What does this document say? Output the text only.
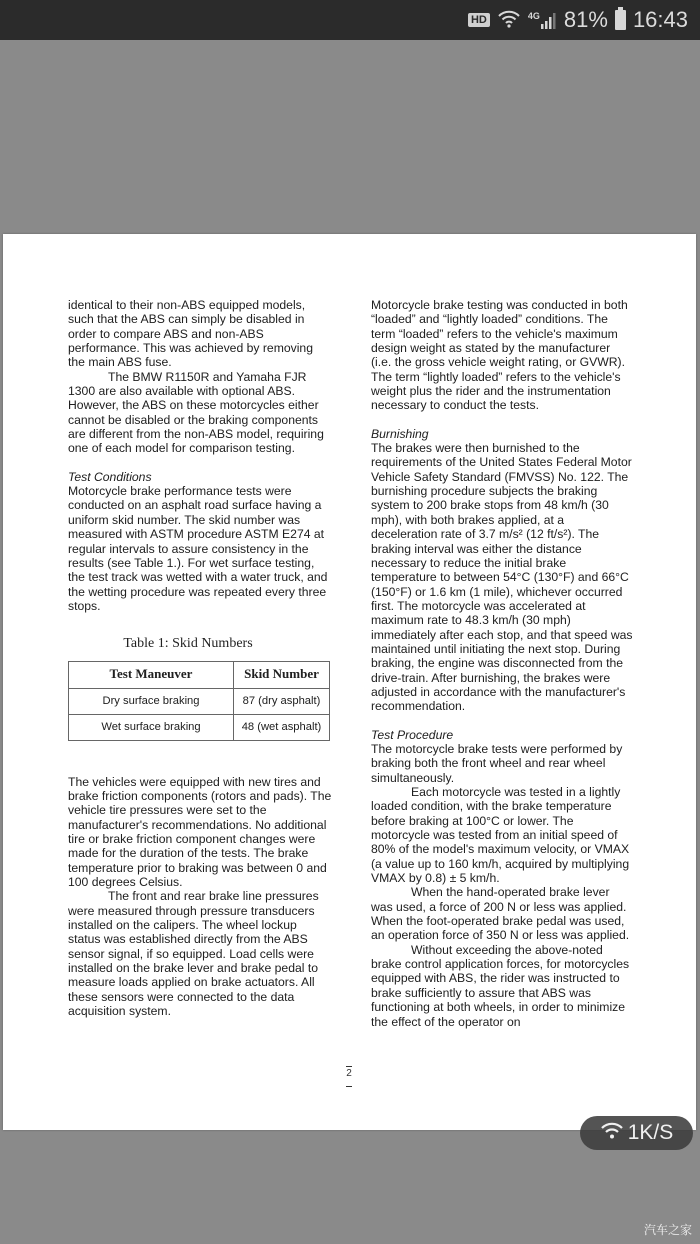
HD	4G 81% 16:43

identical to their non-ABS equipped models, such that the ABS can simply be disabled in order to compare ABS and non-ABS performance. This was achieved by removing the main ABS fuse.

The BMW R1150R and Yamaha FJR 1300 are also available with optional ABS. However, the ABS on these motorcycles either cannot be disabled or the braking components are different from the non-ABS model, requiring one of each model for comparison testing.

Test Conditions

Motorcycle brake performance tests were conducted on an asphalt road surface having a uniform skid number. The skid number was measured with ASTM procedure ASTM E274 at regular intervals to assure consistency in the results (see Table 1.). For wet surface testing, the test track was wetted with a water truck, and the wetting procedure was repeated every three stops.

Table 1: Skid Numbers
Test Maneuver	Skid Number
Dry surface braking	87 (dry asphalt)
Wet surface braking	48 (wet asphalt)

The vehicles were equipped with new tires and brake friction components (rotors and pads). The vehicle tire pressures were set to the manufacturer's recommendations. No additional tire or brake friction component changes were made for the duration of the tests. The brake temperature prior to braking was between 0 and 100 degrees Celsius.

The front and rear brake line pressures were measured through pressure transducers installed on the calipers. The wheel lockup status was established directly from the ABS sensor signal, if so equipped. Load cells were installed on the brake lever and brake pedal to measure loads applied on brake actuators. All these sensors were connected to the data acquisition system.

Motorcycle brake testing was conducted in both “loaded” and “lightly loaded” conditions. The term “loaded” refers to the vehicle's maximum design weight as stated by the manufacturer (i.e. the gross vehicle weight rating, or GVWR). The term “lightly loaded” refers to the vehicle's weight plus the rider and the instrumentation necessary to conduct the tests.

Burnishing

The brakes were then burnished to the requirements of the United States Federal Motor Vehicle Safety Standard (FMVSS) No. 122. The burnishing procedure subjects the braking system to 200 brake stops from 48 km/h (30 mph), with both brakes applied, at a deceleration rate of 3.7 m/s² (12 ft/s²). The braking interval was either the distance necessary to reduce the initial brake temperature to between 54°C (130°F) and 66°C (150°F) or 1.6 km (1 mile), whichever occurred first. The motorcycle was accelerated at maximum rate to 48.3 km/h (30 mph) immediately after each stop, and that speed was maintained until initiating the next stop. During braking, the engine was disconnected from the drive-train. After burnishing, the brakes were adjusted in accordance with the manufacturer's recommendation.

Test Procedure

The motorcycle brake tests were performed by braking both the front wheel and rear wheel simultaneously.

Each motorcycle was tested in a lightly loaded condition, with the brake temperature before braking at 100°C or lower. The motorcycle was tested from an initial speed of 80% of the model's maximum velocity, or VMAX (a value up to 160 km/h, acquired by multiplying VMAX by 0.8) ± 5 km/h.

When the hand-operated brake lever was used, a force of 200 N or less was applied. When the foot-operated brake pedal was used, an operation force of 350 N or less was applied.

Without exceeding the above-noted brake control application forces, for motorcycles equipped with ABS, the rider was instructed to brake sufficiently to assure that ABS was functioning at both wheels, in order to minimize the effect of the operator on

2
1K/S
汽车之家
